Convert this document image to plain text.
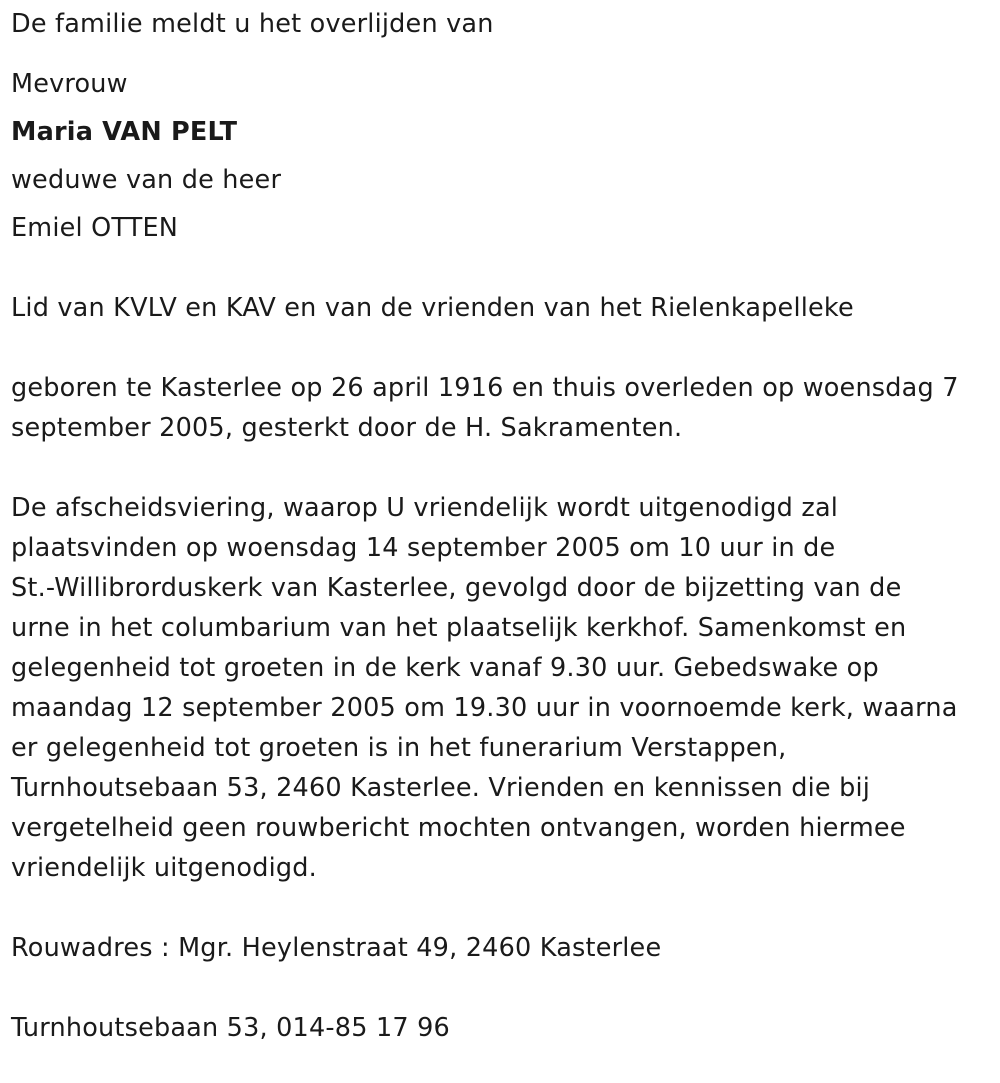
De familie meldt u het overlijden van

Mevrouw

Maria VAN PELT

weduwe van de heer

Emiel OTTEN

Lid van KVLV en KAV en van de vrienden van het Rielenkapelleke

geboren te Kasterlee op 26 april 1916 en thuis overleden op woensdag 7

september 2005, gesterkt door de H. Sakramenten.

De afscheidsviering, waarop U vriendelijk wordt uitgenodigd zal

plaatsvinden op woensdag 14 september 2005 om 10 uur in de

St.-Willibrorduskerk van Kasterlee, gevolgd door de bijzetting van de

urne in het columbarium van het plaatselijk kerkhof. Samenkomst en

gelegenheid tot groeten in de kerk vanaf 9.30 uur. Gebedswake op

maandag 12 september 2005 om 19.30 uur in voornoemde kerk, waarna

er gelegenheid tot groeten is in het funerarium Verstappen,

Turnhoutsebaan 53, 2460 Kasterlee. Vrienden en kennissen die bij

vergetelheid geen rouwbericht mochten ontvangen, worden hiermee

vriendelijk uitgenodigd.

Rouwadres : Mgr. Heylenstraat 49, 2460 Kasterlee

Turnhoutsebaan 53, 014-85 17 96
